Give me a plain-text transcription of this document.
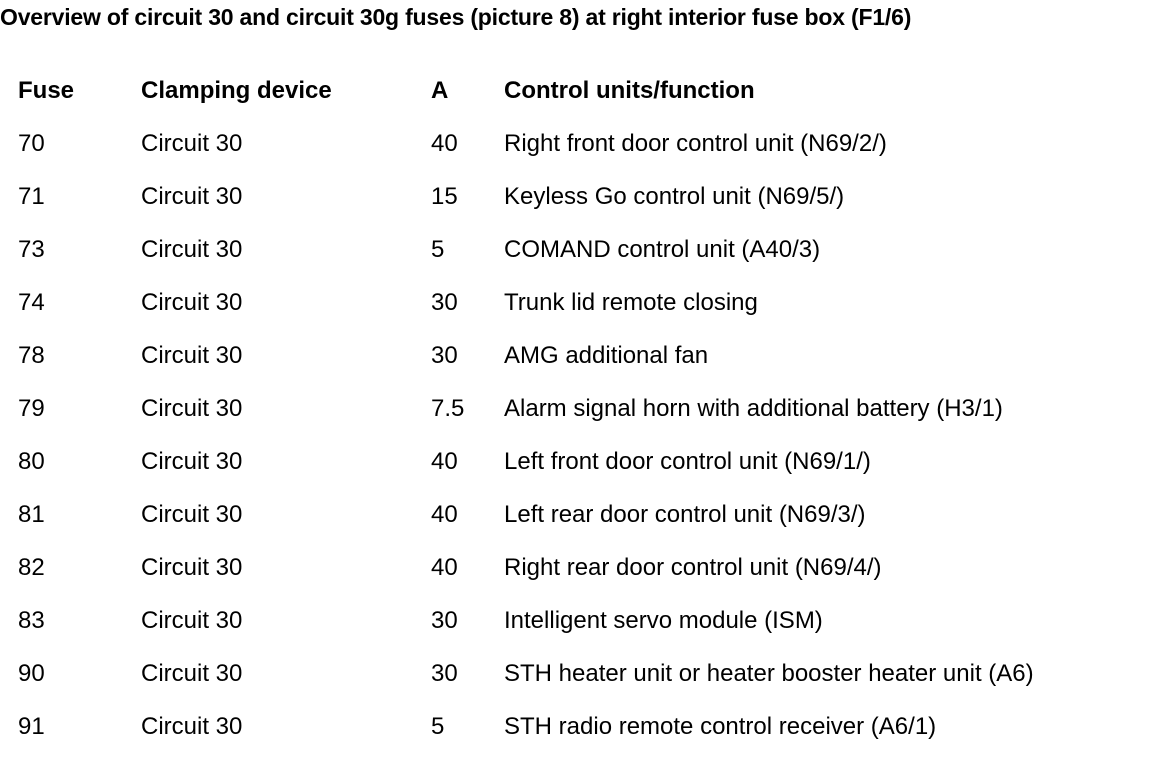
Overview of circuit 30 and circuit 30g fuses (picture 8) at right interior fuse box (F1/6)
Fuse	Clamping device	A Control units/function
70	Circuit 30	40 Right front door control unit (N69/2/)
71	Circuit 30	15 Keyless Go control unit (N69/5/)
73	Circuit 30	5 COMAND control unit (A40/3)
74	Circuit 30	30 Trunk lid remote closing
78	Circuit 30	30 AMG additional fan
79	Circuit 30	7.5 Alarm signal horn with additional battery (H3/1)
80	Circuit 30	40 Left front door control unit (N69/1/)
81	Circuit 30	40 Left rear door control unit (N69/3/)
82	Circuit 30	40 Right rear door control unit (N69/4/)
83	Circuit 30	30 Intelligent servo module (ISM)
90	Circuit 30	30 STH heater unit or heater booster heater unit (A6)
91	Circuit 30	5 STH radio remote control receiver (A6/1)
